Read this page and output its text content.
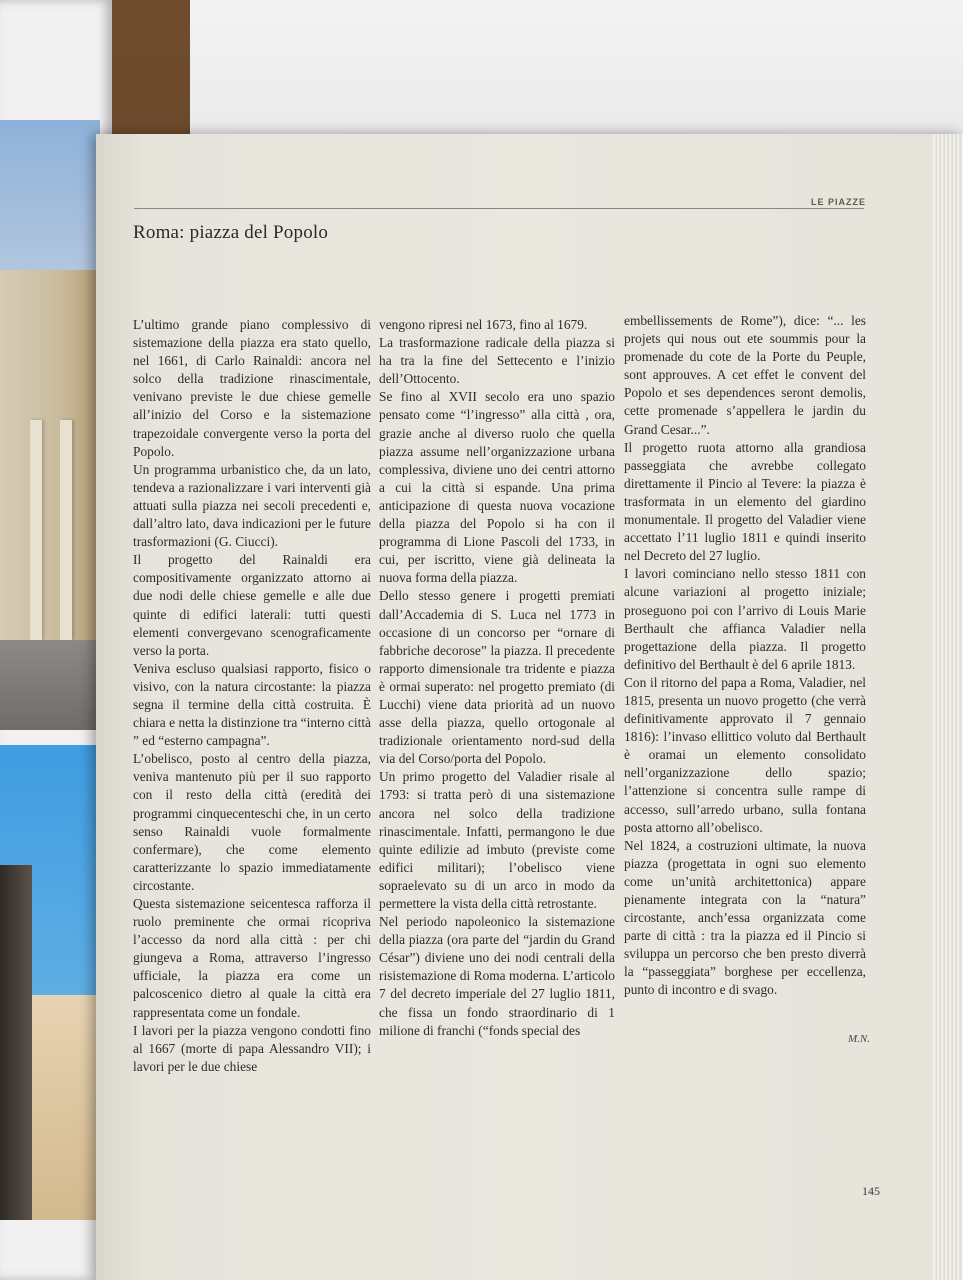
LE PIAZZE
Roma: piazza del Popolo

L’ultimo grande piano complessivo di sistemazione della piazza era stato quello, nel 1661, di Carlo Rainaldi: ancora nel solco della tradizione rinascimentale, venivano previste le due chiese gemelle all’inizio del Corso e la sistemazione trapezoidale convergente verso la porta del Popolo.

Un programma urbanistico che, da un lato, tendeva a razionalizzare i vari interventi già attuati sulla piazza nei secoli precedenti e, dall’altro lato, dava indicazioni per le future trasformazioni (G. Ciucci).

Il progetto del Rainaldi era compositivamente organizzato attorno ai due nodi delle chiese gemelle e alle due quinte di edifici laterali: tutti questi elementi convergevano scenograficamente verso la porta.

Veniva escluso qualsiasi rapporto, fisico o visivo, con la natura circostante: la piazza segna il termine della città costruita. È chiara e netta la distinzione tra “interno città ” ed “esterno campagna”.

L’obelisco, posto al centro della piazza, veniva mantenuto più per il suo rapporto con il resto della città (eredità dei programmi cinquecenteschi che, in un certo senso Rainaldi vuole formalmente confermare), che come elemento caratterizzante lo spazio immediatamente circostante.

Questa sistemazione seicentesca rafforza il ruolo preminente che ormai ricopriva l’accesso da nord alla città : per chi giungeva a Roma, attraverso l’ingresso ufficiale, la piazza era come un palcoscenico dietro al quale la città era rappresentata come un fondale.

I lavori per la piazza vengono condotti fino al 1667 (morte di papa Alessandro VII); i lavori per le due chiese

vengono ripresi nel 1673, fino al 1679.

La trasformazione radicale della piazza si ha tra la fine del Settecento e l’inizio dell’Ottocento.

Se fino al XVII secolo era uno spazio pensato come “l’ingresso” alla città , ora, grazie anche al diverso ruolo che quella piazza assume nell’organizzazione urbana complessiva, diviene uno dei centri attorno a cui la città si espande. Una prima anticipazione di questa nuova vocazione della piazza del Popolo si ha con il programma di Lione Pascoli del 1733, in cui, per iscritto, viene già delineata la nuova forma della piazza.

Dello stesso genere i progetti premiati dall’Accademia di S. Luca nel 1773 in occasione di un concorso per “ornare di fabbriche decorose” la piazza. Il precedente rapporto dimensionale tra tridente e piazza è ormai superato: nel progetto premiato (di Lucchi) viene data priorità ad un nuovo asse della piazza, quello ortogonale al tradizionale orientamento nord-sud della via del Corso/porta del Popolo.

Un primo progetto del Valadier risale al 1793: si tratta però di una sistemazione ancora nel solco della tradizione rinascimentale. Infatti, permangono le due quinte edilizie ad imbuto (previste come edifici militari); l’obelisco viene sopraelevato su di un arco in modo da permettere la vista della città retrostante.

Nel periodo napoleonico la sistemazione della piazza (ora parte del “jardin du Grand César”) diviene uno dei nodi centrali della risistemazione di Roma moderna. L’articolo 7 del decreto imperiale del 27 luglio 1811, che fissa un fondo straordinario di 1 milione di franchi (“fonds special des

embellissements de Rome”), dice: “... les projets qui nous out ete soummis pour la promenade du cote de la Porte du Peuple, sont approuves. A cet effet le convent del Popolo et ses dependences seront demolis, cette promenade s’appellera le jardin du Grand Cesar...”.

Il progetto ruota attorno alla grandiosa passeggiata che avrebbe collegato direttamente il Pincio al Tevere: la piazza è trasformata in un elemento del giardino monumentale. Il progetto del Valadier viene accettato l’11 luglio 1811 e quindi inserito nel Decreto del 27 luglio.

I lavori cominciano nello stesso 1811 con alcune variazioni al progetto iniziale; proseguono poi con l’arrivo di Louis Marie Berthault che affianca Valadier nella progettazione della piazza. Il progetto definitivo del Berthault è del 6 aprile 1813.

Con il ritorno del papa a Roma, Valadier, nel 1815, presenta un nuovo progetto (che verrà definitivamente approvato il 7 gennaio 1816): l’invaso ellittico voluto dal Berthault è oramai un elemento consolidato nell’organizzazione dello spazio; l’attenzione si concentra sulle rampe di accesso, sull’arredo urbano, sulla fontana posta attorno all’obelisco.

Nel 1824, a costruzioni ultimate, la nuova piazza (progettata in ogni suo elemento come un’unità architettonica) appare pienamente integrata con la “natura” circostante, anch’essa organizzata come parte di città : tra la piazza ed il Pincio si sviluppa un percorso che ben presto diverrà la “passeggiata” borghese per eccellenza, punto di incontro e di svago.

M.N.
145
